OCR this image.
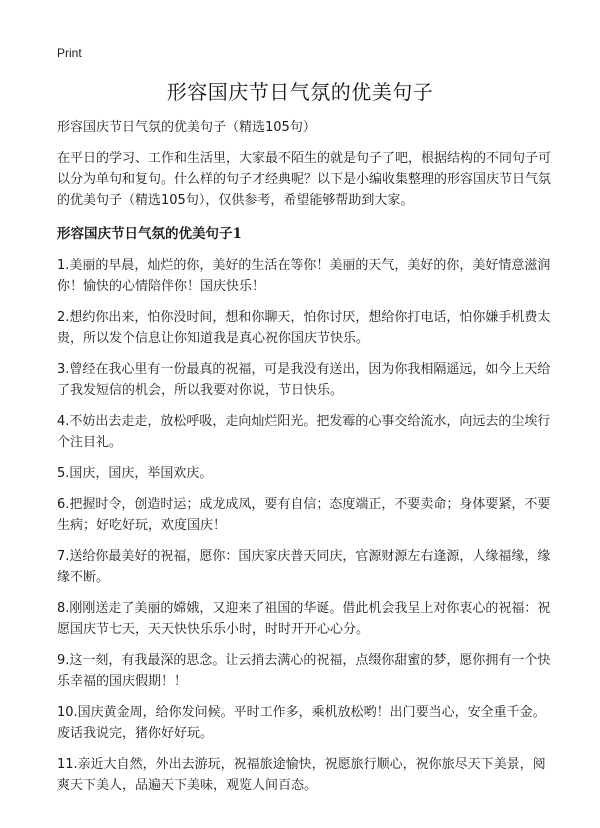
Print
形容国庆节日气氛的优美句子

形容国庆节日气氛的优美句子（精选105句）

在平日的学习、工作和生活里，大家最不陌生的就是句子了吧，根据结构的不同句子可以分为单句和复句。什么样的句子才经典呢？以下是小编收集整理的形容国庆节日气氛的优美句子（精选105句），仅供参考，希望能够帮助到大家。

形容国庆节日气氛的优美句子1

1.美丽的早晨，灿烂的你，美好的生活在等你！美丽的天气，美好的你，美好情意滋润你！愉快的心情陪伴你！国庆快乐！

2.想约你出来，怕你没时间，想和你聊天，怕你讨厌，想给你打电话，怕你嫌手机费太贵，所以发个信息让你知道我是真心祝你国庆节快乐。

3.曾经在我心里有一份最真的祝福，可是我没有送出，因为你我相隔遥远，如今上天给了我发短信的机会，所以我要对你说，节日快乐。

4.不妨出去走走，放松呼吸，走向灿烂阳光。把发霉的心事交给流水，向远去的尘埃行个注目礼。

5.国庆，国庆，举国欢庆。

6.把握时令，创造时运；成龙成凤，要有自信；态度端正，不要卖命；身体要紧，不要生病；好吃好玩，欢度国庆！

7.送给你最美好的祝福，愿你：国庆家庆普天同庆，官源财源左右逢源，人缘福缘，缘缘不断。

8.刚刚送走了美丽的嫦娥，又迎来了祖国的华诞。借此机会我呈上对你衷心的祝福：祝愿国庆节七天，天天快快乐乐小时，时时开开心心分。

9.这一刻，有我最深的思念。让云捎去满心的祝福，点缀你甜蜜的梦，愿你拥有一个快乐幸福的国庆假期！！

10.国庆黄金周，给你发问候。平时工作多，乘机放松哟！出门要当心，安全重千金。废话我说完，猪你好好玩。

11.亲近大自然，外出去游玩，祝福旅途愉快，祝愿旅行顺心，祝你旅尽天下美景，阅爽天下美人，品遍天下美味，观览人间百态。
